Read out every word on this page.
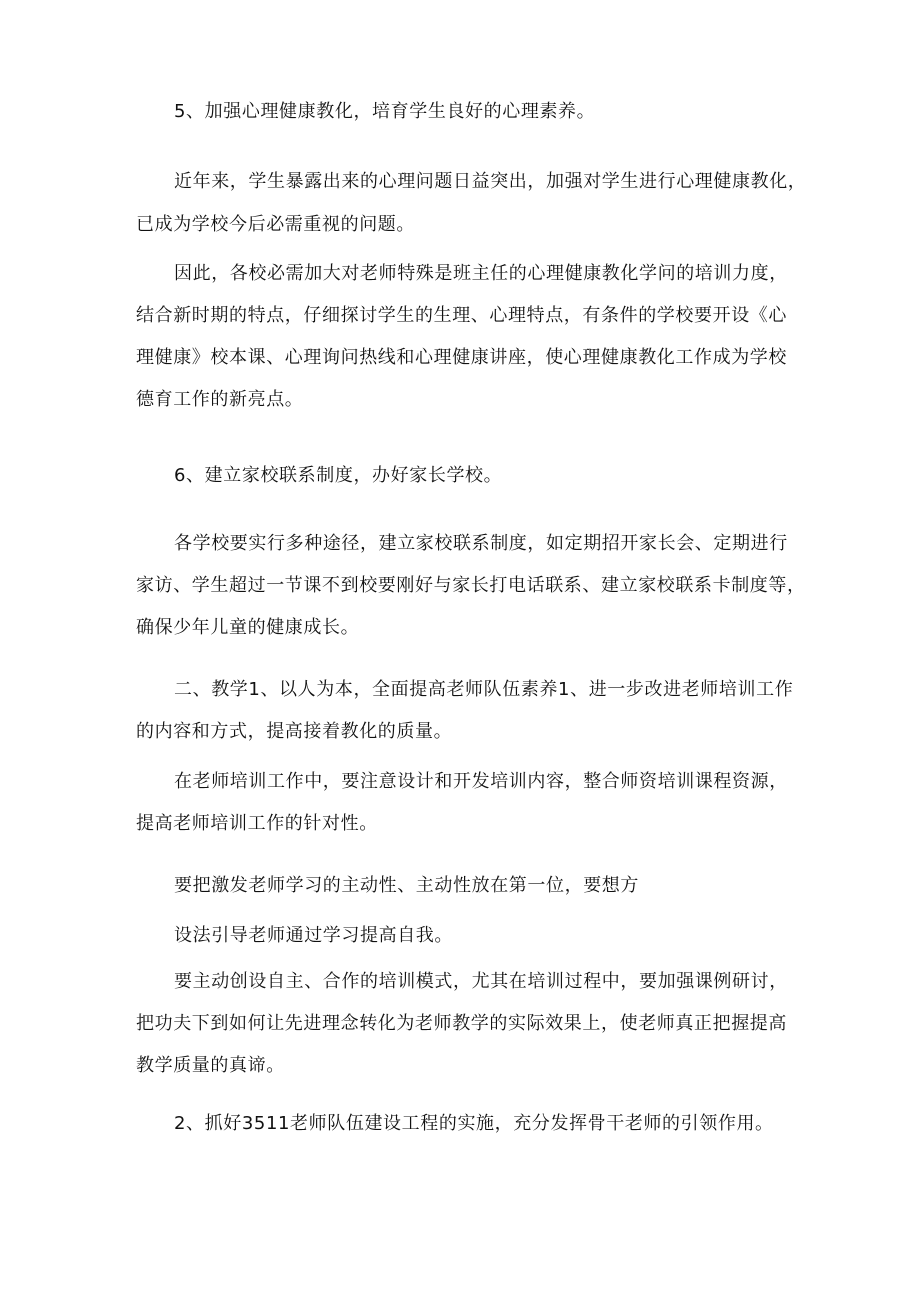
5、加强心理健康教化，培育学生良好的心理素养。
近年来，学生暴露出来的心理问题日益突出，加强对学生进行心理健康教化，
已成为学校今后必需重视的问题。
因此，各校必需加大对老师特殊是班主任的心理健康教化学问的培训力度，
结合新时期的特点，仔细探讨学生的生理、心理特点，有条件的学校要开设《心
理健康》校本课、心理询问热线和心理健康讲座，使心理健康教化工作成为学校
德育工作的新亮点。
6、建立家校联系制度，办好家长学校。
各学校要实行多种途径，建立家校联系制度，如定期招开家长会、定期进行
家访、学生超过一节课不到校要刚好与家长打电话联系、建立家校联系卡制度等，
确保少年儿童的健康成长。
二、教学1、以人为本，全面提高老师队伍素养1、进一步改进老师培训工作
的内容和方式，提高接着教化的质量。
在老师培训工作中，要注意设计和开发培训内容，整合师资培训课程资源，
提高老师培训工作的针对性。
要把激发老师学习的主动性、主动性放在第一位，要想方
设法引导老师通过学习提高自我。
要主动创设自主、合作的培训模式，尤其在培训过程中，要加强课例研讨，
把功夫下到如何让先进理念转化为老师教学的实际效果上，使老师真正把握提高
教学质量的真谛。
2、抓好3511老师队伍建设工程的实施，充分发挥骨干老师的引领作用。
